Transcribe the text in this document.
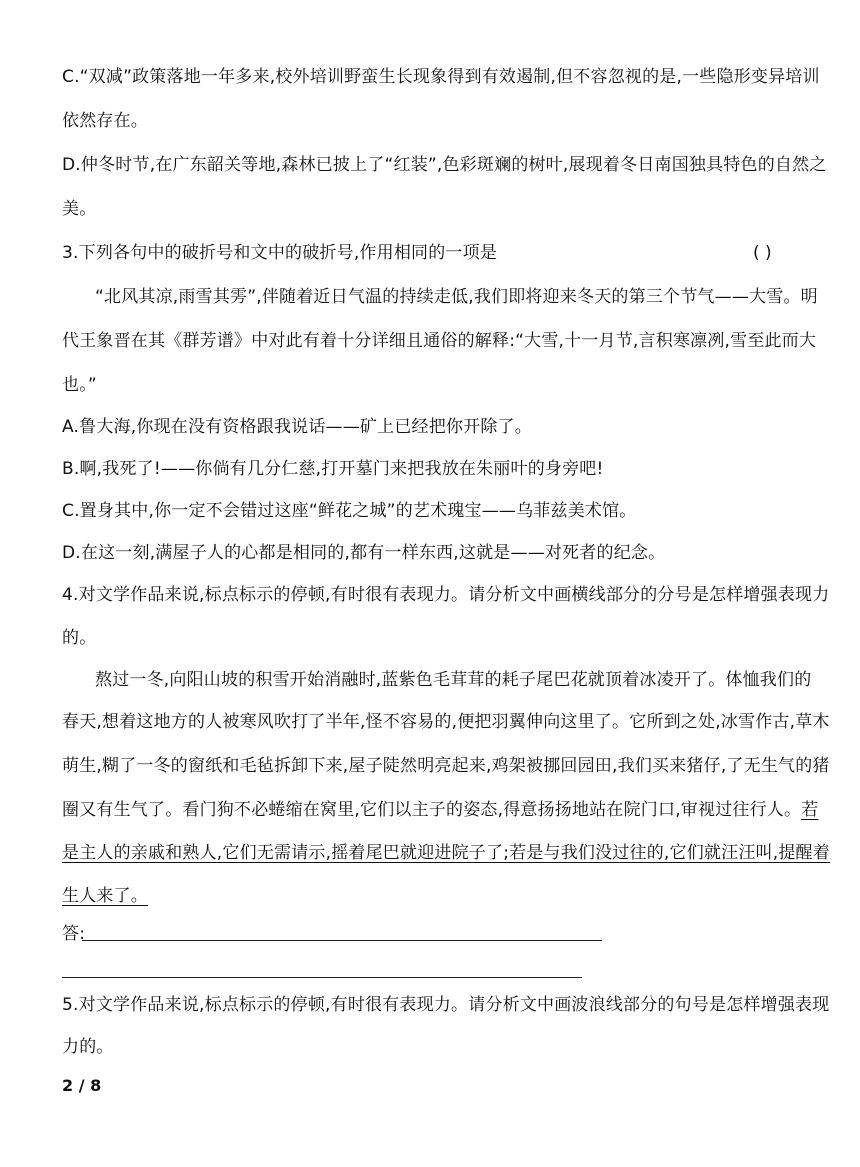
C.“双减”政策落地一年多来,校外培训野蛮生长现象得到有效遏制,但不容忽视的是,一些隐形变异培训
依然存在。
D.仲冬时节,在广东韶关等地,森林已披上了“红装”,色彩斑斓的树叶,展现着冬日南国独具特色的自然之
美。
3.下列各句中的破折号和文中的破折号,作用相同的一项是	( )
“北风其凉,雨雪其雱”,伴随着近日气温的持续走低,我们即将迎来冬天的第三个节气——大雪。明
代王象晋在其《群芳谱》中对此有着十分详细且通俗的解释:“大雪,十一月节,言积寒凛冽,雪至此而大
也。”
A.鲁大海,你现在没有资格跟我说话——矿上已经把你开除了。
B.啊,我死了!——你倘有几分仁慈,打开墓门来把我放在朱丽叶的身旁吧!
C.置身其中,你一定不会错过这座“鲜花之城”的艺术瑰宝——乌菲兹美术馆。
D.在这一刻,满屋子人的心都是相同的,都有一样东西,这就是——对死者的纪念。
4.对文学作品来说,标点标示的停顿,有时很有表现力。请分析文中画横线部分的分号是怎样增强表现力
的。
熬过一冬,向阳山坡的积雪开始消融时,蓝紫色毛茸茸的耗子尾巴花就顶着冰凌开了。体恤我们的
春天,想着这地方的人被寒风吹打了半年,怪不容易的,便把羽翼伸向这里了。它所到之处,冰雪作古,草木
萌生,糊了一冬的窗纸和毛毡拆卸下来,屋子陡然明亮起来,鸡架被挪回园田,我们买来猪仔,了无生气的猪
圈又有生气了。看门狗不必蜷缩在窝里,它们以主子的姿态,得意扬扬地站在院门口,审视过往行人。若
是主人的亲戚和熟人,它们无需请示,摇着尾巴就迎进院子了;若是与我们没过往的,它们就汪汪叫,提醒着
生人来了。
答:
5.对文学作品来说,标点标示的停顿,有时很有表现力。请分析文中画波浪线部分的句号是怎样增强表现
力的。
2 / 8
